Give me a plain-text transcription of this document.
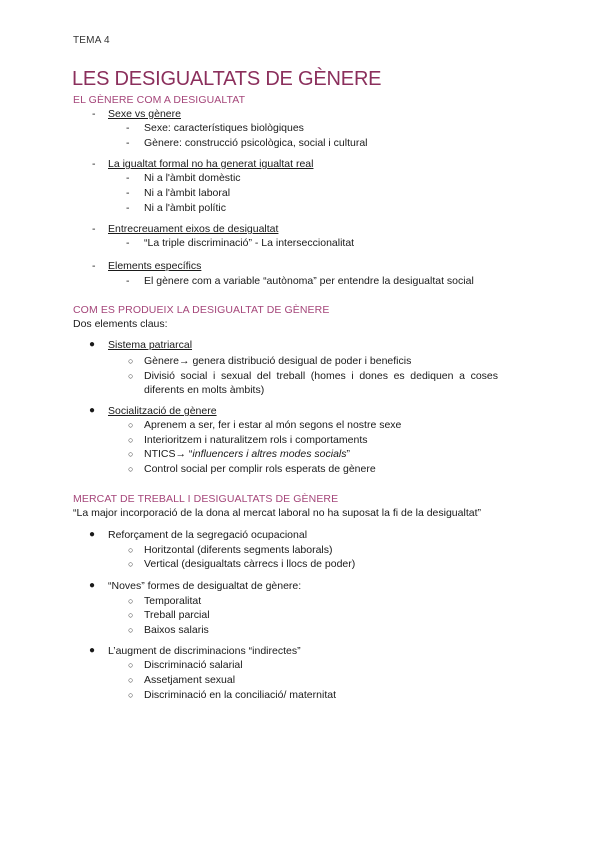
TEMA 4
LES DESIGUALTATS DE GÈNERE
EL GÈNERE COM A DESIGUALTAT
- Sexe vs gènere
- Sexe: característiques biològiques
- Gènere: construcció psicològica, social i cultural
- La igualtat formal no ha generat igualtat real
- Ni a l'àmbit domèstic
- Ni a l'àmbit laboral
- Ni a l'àmbit polític
- Entrecreuament eixos de desigualtat
- “La triple discriminació” - La interseccionalitat
- Elements específics
- El gènere com a variable “autònoma” per entendre la desigualtat social
COM ES PRODUEIX LA DESIGUALTAT DE GÈNERE
Dos elements claus:
● Sistema patriarcal
○ Gènere→ genera distribució desigual de poder i beneficis
○ Divisió social i sexual del treball (homes i dones es dediquen a coses diferents en molts àmbits)
● Socialització de gènere
○ Aprenem a ser, fer i estar al món segons el nostre sexe
○ Interioritzem i naturalitzem rols i comportaments
○ NTICS→ “influencers i altres modes socials”
○ Control social per complir rols esperats de gènere
MERCAT DE TREBALL I DESIGUALTATS DE GÈNERE
“La major incorporació de la dona al mercat laboral no ha suposat la fi de la desigualtat”
● Reforçament de la segregació ocupacional
○ Horitzontal (diferents segments laborals)
○ Vertical (desigualtats càrrecs i llocs de poder)
● “Noves” formes de desigualtat de gènere:
○ Temporalitat
○ Treball parcial
○ Baixos salaris
● L’augment de discriminacions “indirectes”
○ Discriminació salarial
○ Assetjament sexual
○ Discriminació en la conciliació/ maternitat
